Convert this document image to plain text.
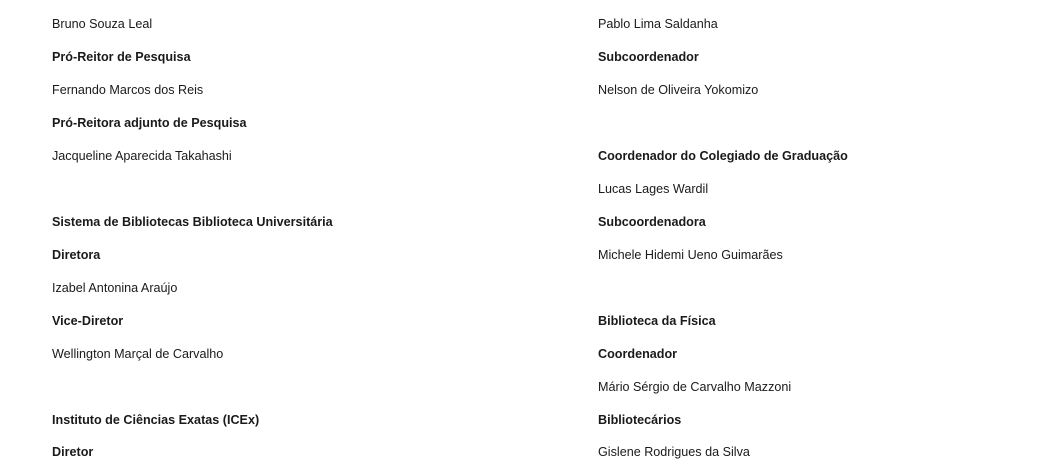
Bruno Souza Leal
Pró-Reitor de Pesquisa
Fernando Marcos dos Reis
Pró-Reitora adjunto de Pesquisa
Jacqueline Aparecida Takahashi
Sistema de Bibliotecas Biblioteca Universitária
Diretora
Izabel Antonina Araújo
Vice-Diretor
Wellington Marçal de Carvalho
Instituto de Ciências Exatas (ICEx)
Diretor
Pablo Lima Saldanha
Subcoordenador
Nelson de Oliveira Yokomizo
Coordenador do Colegiado de Graduação
Lucas Lages Wardil
Subcoordenadora
Michele Hidemi Ueno Guimarães
Biblioteca da Física
Coordenador
Mário Sérgio de Carvalho Mazzoni
Bibliotecários
Gislene Rodrigues da Silva
